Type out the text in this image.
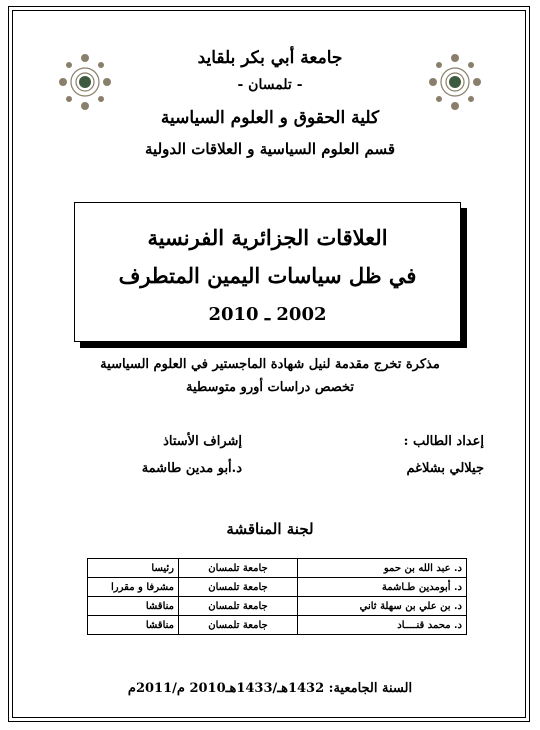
جامعة أبي بكر بلقايد
- تلمسان -
كلية الحقوق و العلوم السياسية
قسم العلوم السياسية و العلاقات الدولية
العلاقات الجزائرية الفرنسية
في ظل سياسات اليمين المتطرف
2002 ـ 2010
مذكرة تخرج مقدمة لنيل شهادة الماجستير في العلوم السياسية
تخصص دراسات أورو متوسطية
إعداد الطالب :
جيلالي بشلاغم
إشراف الأستاذ
د.أبو مدين طاشمة
لجنة المناقشة
د. عبد الله بن حمو	جامعة تلمسان	رئيسا
د. أبومدين طـاشمة	جامعة تلمسان	مشرفا و مقررا
د. بن علي بن سهلة ثاني	جامعة تلمسان	مناقشا
د. محمد قنــــاد	جامعة تلمسان	مناقشا
السنة الجامعية: 1432هـ/1433هـ2010 م/2011م
